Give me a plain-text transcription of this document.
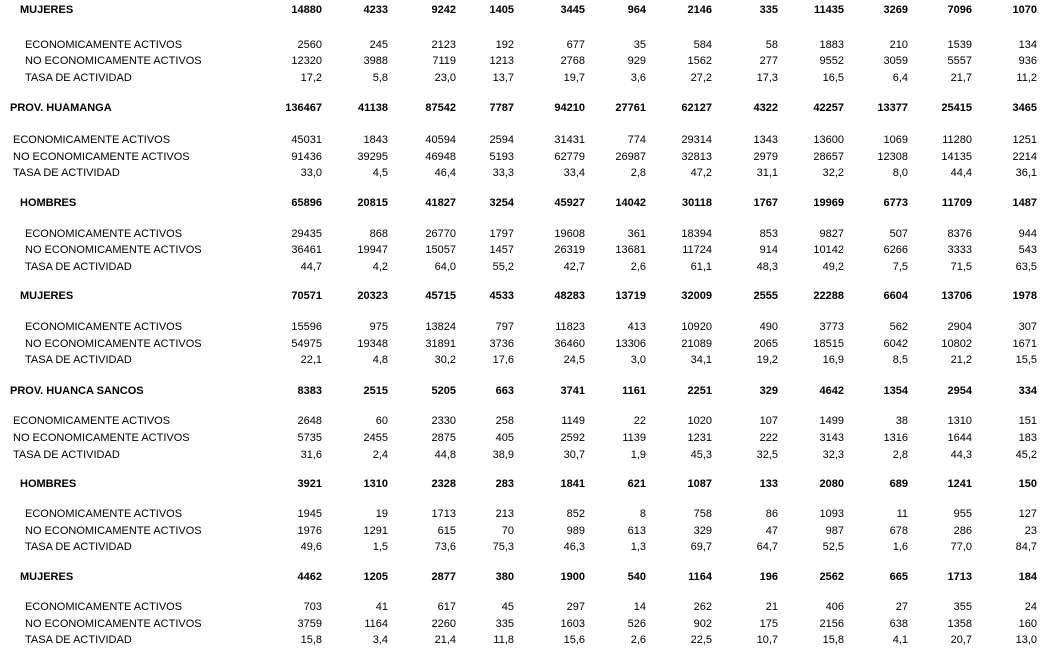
MUJERES	14880	4233	9242	1405	3445	964	2146	335	11435	3269	7096	1070
ECONOMICAMENTE ACTIVOS	2560	245	2123	192	677	35	584	58	1883	210	1539	134
NO ECONOMICAMENTE ACTIVOS	12320	3988	7119	1213	2768	929	1562	277	9552	3059	5557	936
TASA DE ACTIVIDAD	17,2	5,8	23,0	13,7	19,7	3,6	27,2	17,3	16,5	6,4	21,7	11,2
PROV. HUAMANGA	136467	41138	87542	7787	94210	27761	62127	4322	42257	13377	25415	3465
ECONOMICAMENTE ACTIVOS	45031	1843	40594	2594	31431	774	29314	1343	13600	1069	11280	1251
NO ECONOMICAMENTE ACTIVOS	91436	39295	46948	5193	62779	26987	32813	2979	28657	12308	14135	2214
TASA DE ACTIVIDAD	33,0	4,5	46,4	33,3	33,4	2,8	47,2	31,1	32,2	8,0	44,4	36,1
HOMBRES	65896	20815	41827	3254	45927	14042	30118	1767	19969	6773	11709	1487
ECONOMICAMENTE ACTIVOS	29435	868	26770	1797	19608	361	18394	853	9827	507	8376	944
NO ECONOMICAMENTE ACTIVOS	36461	19947	15057	1457	26319	13681	11724	914	10142	6266	3333	543
TASA DE ACTIVIDAD	44,7	4,2	64,0	55,2	42,7	2,6	61,1	48,3	49,2	7,5	71,5	63,5
MUJERES	70571	20323	45715	4533	48283	13719	32009	2555	22288	6604	13706	1978
ECONOMICAMENTE ACTIVOS	15596	975	13824	797	11823	413	10920	490	3773	562	2904	307
NO ECONOMICAMENTE ACTIVOS	54975	19348	31891	3736	36460	13306	21089	2065	18515	6042	10802	1671
TASA DE ACTIVIDAD	22,1	4,8	30,2	17,6	24,5	3,0	34,1	19,2	16,9	8,5	21,2	15,5
PROV. HUANCA SANCOS	8383	2515	5205	663	3741	1161	2251	329	4642	1354	2954	334
ECONOMICAMENTE ACTIVOS	2648	60	2330	258	1149	22	1020	107	1499	38	1310	151
NO ECONOMICAMENTE ACTIVOS	5735	2455	2875	405	2592	1139	1231	222	3143	1316	1644	183
TASA DE ACTIVIDAD	31,6	2,4	44,8	38,9	30,7	1,9	45,3	32,5	32,3	2,8	44,3	45,2
HOMBRES	3921	1310	2328	283	1841	621	1087	133	2080	689	1241	150
ECONOMICAMENTE ACTIVOS	1945	19	1713	213	852	8	758	86	1093	11	955	127
NO ECONOMICAMENTE ACTIVOS	1976	1291	615	70	989	613	329	47	987	678	286	23
TASA DE ACTIVIDAD	49,6	1,5	73,6	75,3	46,3	1,3	69,7	64,7	52,5	1,6	77,0	84,7
MUJERES	4462	1205	2877	380	1900	540	1164	196	2562	665	1713	184
ECONOMICAMENTE ACTIVOS	703	41	617	45	297	14	262	21	406	27	355	24
NO ECONOMICAMENTE ACTIVOS	3759	1164	2260	335	1603	526	902	175	2156	638	1358	160
TASA DE ACTIVIDAD	15,8	3,4	21,4	11,8	15,6	2,6	22,5	10,7	15,8	4,1	20,7	13,0
